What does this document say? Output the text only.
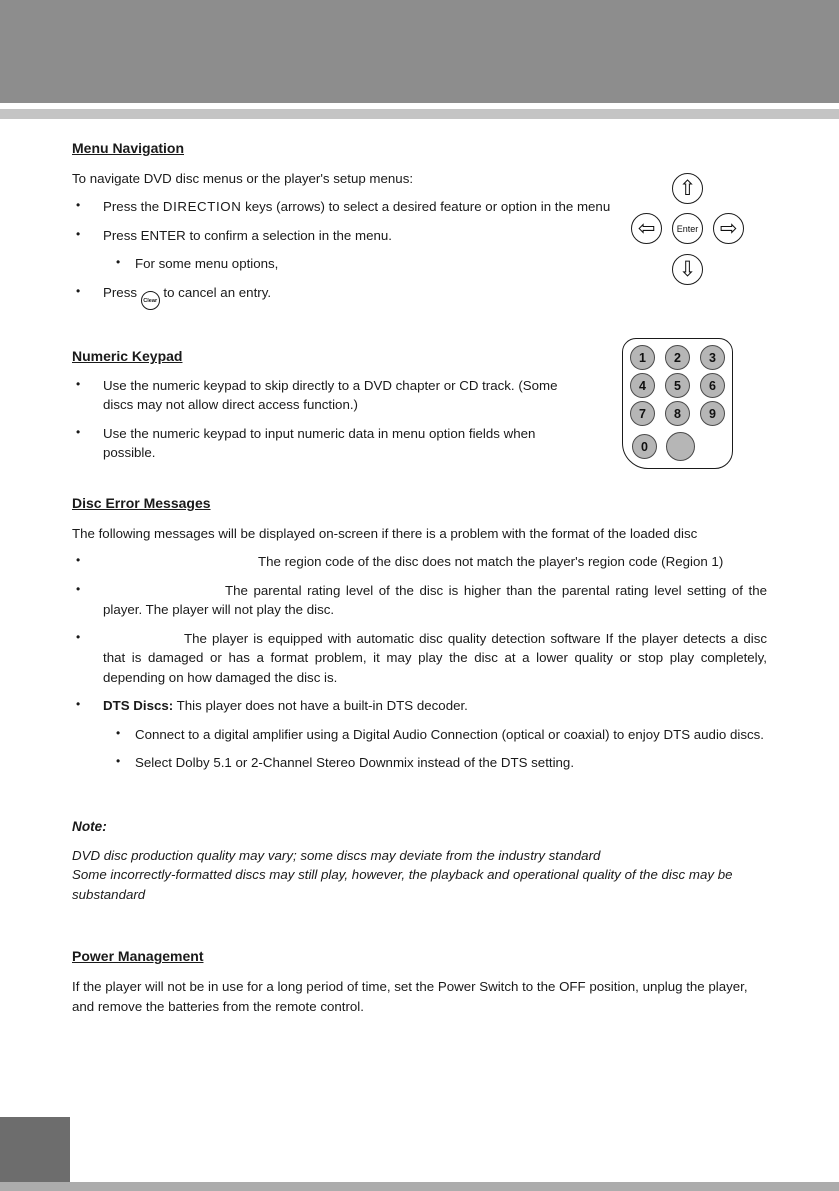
Menu Navigation

To navigate DVD disc menus or the player's setup menus:

• Press the DIRECTION keys (arrows) to select a desired feature or option in the menu
• Press ENTER to confirm a selection in the menu.
• For some menu options,
• Press
Clear
to cancel an entry.
Numeric Keypad
• Use the numeric keypad to skip directly to a DVD chapter or CD track. (Some discs may not allow direct access function.)
• Use the numeric keypad to input numeric data in menu option fields when possible.
Disc Error Messages

The following messages will be displayed on-screen if there is a problem with the format of the loaded disc

• The region code of the disc does not match the player's region code (Region 1)
• The parental rating level of the disc is higher than the parental rating level setting of the player. The player will not play the disc.
• The player is equipped with automatic disc quality detection software If the player detects a disc that is damaged or has a format problem, it may play the disc at a lower quality or stop play completely, depending on how damaged the disc is.
• DTS Discs: This player does not have a built-in DTS decoder.
• Connect to a digital amplifier using a Digital Audio Connection (optical or coaxial) to enjoy DTS audio discs.
• Select Dolby 5.1 or 2-Channel Stereo Downmix instead of the DTS setting.
Note:
DVD disc production quality may vary; some discs may deviate from the industry standard
Some incorrectly-formatted discs may still play, however, the playback and operational quality of the disc may be substandard
Power Management

If the player will not be in use for a long period of time, set the Power Switch to the OFF position, unplug the player, and remove the batteries from the remote control.

⇧
⇦ Enter ⇨
⇩
1	2	3
4	5	6
7	8	9
0
